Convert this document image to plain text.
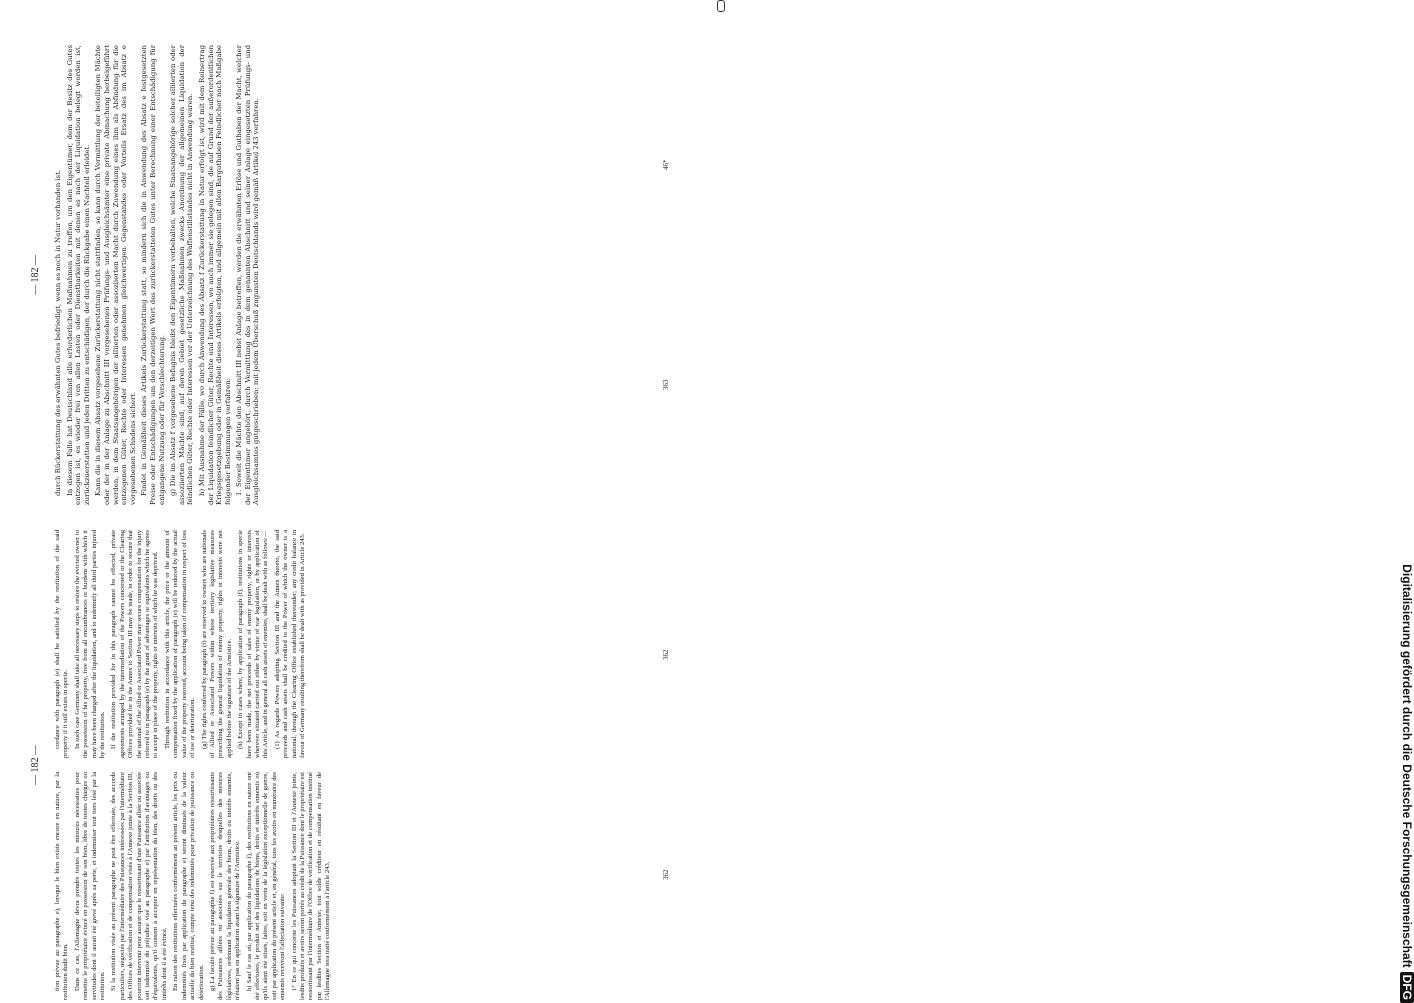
— 182 —

tion prévue au paragraphe e), lorsque le bien existe encore en nature, par la restitution dudit bien. Dans ce cas, l'Allemagne devra prendre toutes les mesures nécessaires pour remettre le propriétaire évincé en possession de son bien, libre de toutes charges ou servitudes dont il aurait été grevé après sa perte, et indemniser tout tiers lésé par la restitution. Si la restitution visée au présent paragraphe ne peut être effectuée, des accords particuliers, négociés par l'intermédiaire des Puissances intéressées par l'intermédiaire des Offices de vérification et de compensation visés à l'Annexe jointe à la Section III, pourront intervenir pour assurer que le ressortissant d'une Puissance alliée ou associée soit indemnisé du préjudice visé au paragraphe e) par l'attribution d'avantages ou d'équivalents, qu'il consent à accepter en représentation du bien, des droits ou des intérêts dont il a été évincé. En raison des restitutions effectuées conformément au présent article, les prix ou indemnités fixés par application du paragraphe e) seront diminués de la valeur actuelle du bien restitué, compte tenu des indemnités pour privation de jouissance ou détérioration. g) La faculté prévue au paragraphe f) est réservée aux propriétaires ressortissants des Puissances alliées ou associées sur le territoire desquelles des mesures législatives, ordonnant la liquidation générale des biens, droits ou intérêts ennemis, n'étaient pas en application avant la signature de l'Armistice. h) Sauf le cas où, par application du paragraphe f), des restitutions en nature ont été effectuées, le produit net des liquidations de biens, droits et intérêts ennemis où qu'ils aient été situés, faites, soit en vertu de la législation exceptionnelle de guerre, soit par application du présent article et, en général, tous les avoirs en numéraire des ennemis recevront l'affectation suivante: 1° En ce qui concerne les Puissances adoptant la Section III et l'Annexe jointe, lesdits produits et avoirs seront portés au crédit de la Puissance dont le propriétaire est ressortissant par l'intermédiaire de l'Office de vérification et de compensation institué par lesdites Section et Annexe; tout solde créditeur en résultant en faveur de l'Allemagne sera traité conformément à l'article 243.

cordance with paragraph (e) shall be satisfied by the restitution of the said property if it still exists in specie. In such case Germany shall take all necessary steps to restore the evicted owner to the possession of his property, free from all encumbrances or burdens with which it may have been charged after the liquidation, and to indemnify all third parties injured by the restitution. If the restitution provided for in this paragraph cannot be effected, private agreements arranged by the intermediation of the Powers concerned or the Clearing Offices provided for in the Annex to Section III may be made, in order to secure that the national of the Allied or Associated Power may secure compensation for the injury referred to in paragraph (e) by the grant of advantages or equivalents which he agrees to accept in place of the property, rights or interests of which he was deprived. Through restitution in accordance with this article, the price or the amount of compensation fixed by the application of paragraph (e) will be reduced by the actual value of the property restored, account being taken of compensation in respect of loss of use or deterioration. (g) The rights conferred by paragraph (f) are reserved to owners who are nationals of Allied or Associated Powers within whose territory legislative measures prescribing the general liquidation of enemy property, rights or interests were not applied before the signature of the Armistice. (h) Except in cases where, by application of paragraph (f), restitutions in specie have been made, the net proceeds of sales of enemy property, rights or interests wherever situated carried out either by virtue of war legislation, or by application of this Article, and in general all cash assets of enemies, shall be dealt with as follows:— (1) As regards Powers adopting Section III and the Annex thereto, the said proceeds and cash assets shall be credited to the Power of which the owner is a national, through the Clearing Office established thereunder; any credit balance in favour of Germany resulting therefrom shall be dealt with as provided in Article 243.

362
362
— 182 — durch Rückerstattung des erwähnten Gutes befriedigt, wenn es noch in Natur vorhanden ist. In diesem Falle hat Deutschland alle erforderlichen Maßnahmen zu treffen, um den Eigentümer, dem der Besitz des Gutes entzogen ist, es wieder frei von allen Lasten oder Dienstbarkeiten mit denen es nach der Liquidation belegt worden ist, zurückzuerstatten und jeden Dritten zu entschädigen, der durch die Rückgabe einen Nachteil erleidet. Kann die in diesem Absatz vorgesehene Zurückerstattung nicht stattfinden, so kann durch Vermittlung der beteiligten Mächte oder der in der Anlage zu Abschnitt III vorgesehenen Prüfungs- und Ausgleichsämter eine private Abmachung herbeigeführt werden, in dem Staatsangehörigen der alliierten oder assoziierten Macht durch Zuwendung eines ihm als Abfindung für die entzogenen Güter, Rechte oder Interessen genehmen gleichwertigen Gegenstandes oder Vorteils Ersatz des im Absatz e vorgesehenen Schadens sichert. Findet in Gemäßheit dieses Artikels Zurückerstattung statt, so mindern sich die in Anwendung des Absatz e festgesetzten Preise oder Entschädigungen um den derzeitigen Wert des zurückerstatteten Gutes unter Berechnung einer Entschädigung für entgangene Nutzung oder für Verschlechterung. g) Die im Absatz f vorgesehene Befugnis bleibt den Eigentümern vorbehalten, welche Staatsangehörige solcher alliierten oder assoziierten Mächte sind, auf deren Gebiet gesetzliche Maßnahmen zwecks Anordnung der allgemeinen Liquidation der feindlichen Güter, Rechte oder Interessen vor der Unterzeichnung des Waffenstillstandes nicht in Anwendung waren. h) Mit Ausnahme der Fälle, wo durch Anwendung des Absatz f Zurückerstattung in Natur erfolgt ist, wird mit dem Reinertrag der Liquidation feindlicher Güter, Rechte und Interessen, wo auch immer sie gelegen sind, die auf Grund der außerordentlichen Kriegsgesetzgebung oder in Gemäßheit dieses Artikels erfolgten, und allgemein mit allen Barguthaben Feindlicher nach Maßgabe folgender Bestimmungen verfahren: 1. Soweit die Mächte den Abschnitt III nebst Anlage betreffen, werden die erwähnten Erlöse und Guthaben der Macht, welcher der Eigentümer angehört, durch Vermittlung des in dem genannten Abschnitt und seiner Anlage eingesetzten Prüfungs- und Ausgleichsamtes gutgeschrieben; mit jedem Überschuß zugunsten Deutschlands wird gemäß Artikel 243 verfahren.	363
46*
Digitalisierung gefördert durch die Deutsche ForschungsgemeinschaftDFG
